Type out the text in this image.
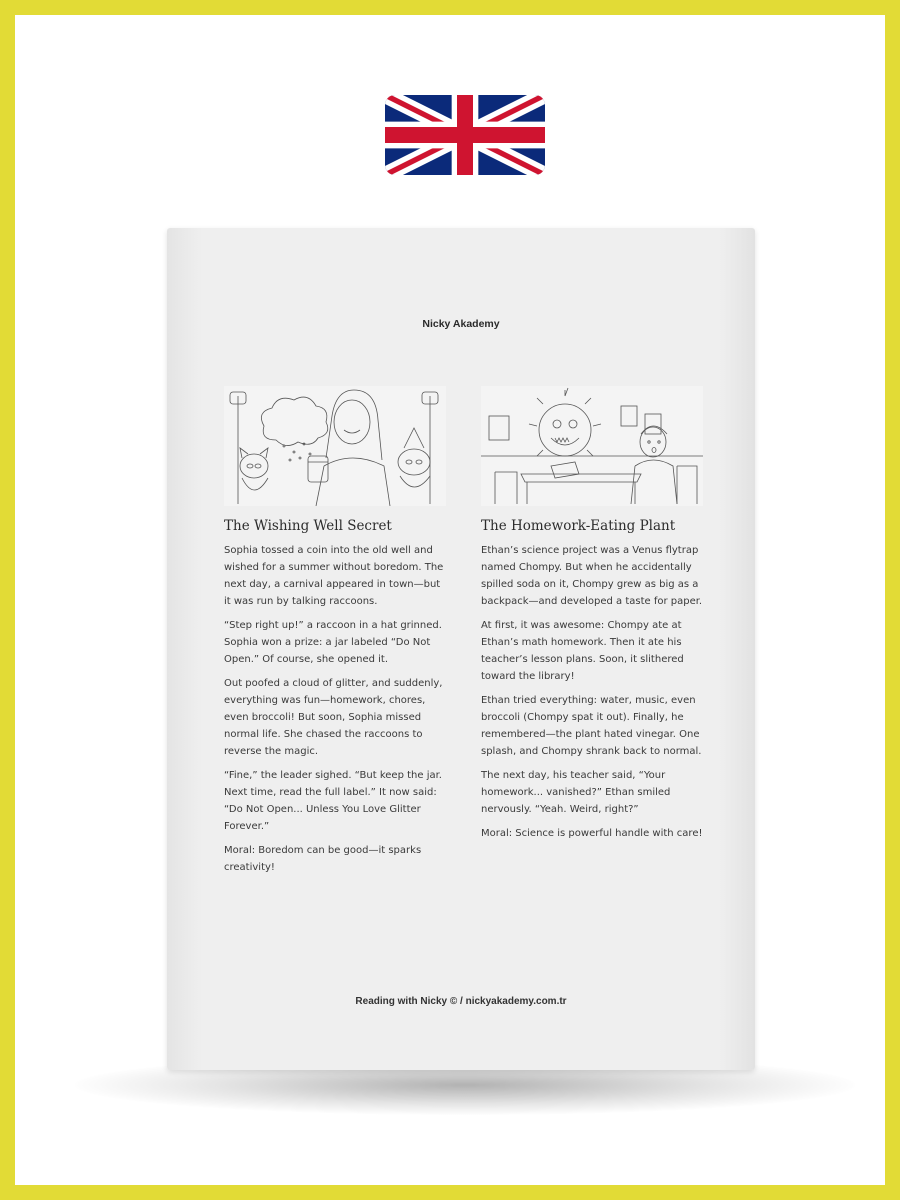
Nicky Akademy
The Wishing Well Secret

Sophia tossed a coin into the old well and wished for a summer without boredom. The next day, a carnival appeared in town—but it was run by talking raccoons.

“Step right up!” a raccoon in a hat grinned. Sophia won a prize: a jar labeled “Do Not Open.” Of course, she opened it.

Out poofed a cloud of glitter, and suddenly, everything was fun—homework, chores, even broccoli! But soon, Sophia missed normal life. She chased the raccoons to reverse the magic.

“Fine,” the leader sighed. “But keep the jar. Next time, read the full label.” It now said: “Do Not Open... Unless You Love Glitter Forever.”

Moral: Boredom can be good—it sparks creativity!

The Homework-Eating Plant

Ethan’s science project was a Venus flytrap named Chompy. But when he accidentally spilled soda on it, Chompy grew as big as a backpack—and developed a taste for paper.

At first, it was awesome: Chompy ate at Ethan’s math homework. Then it ate his teacher’s lesson plans. Soon, it slithered toward the library!

Ethan tried everything: water, music, even broccoli (Chompy spat it out). Finally, he remembered—the plant hated vinegar. One splash, and Chompy shrank back to normal.

The next day, his teacher said, “Your homework... vanished?” Ethan smiled nervously. “Yeah. Weird, right?”

Moral: Science is powerful handle with care!

Reading with Nicky © / nickyakademy.com.tr
